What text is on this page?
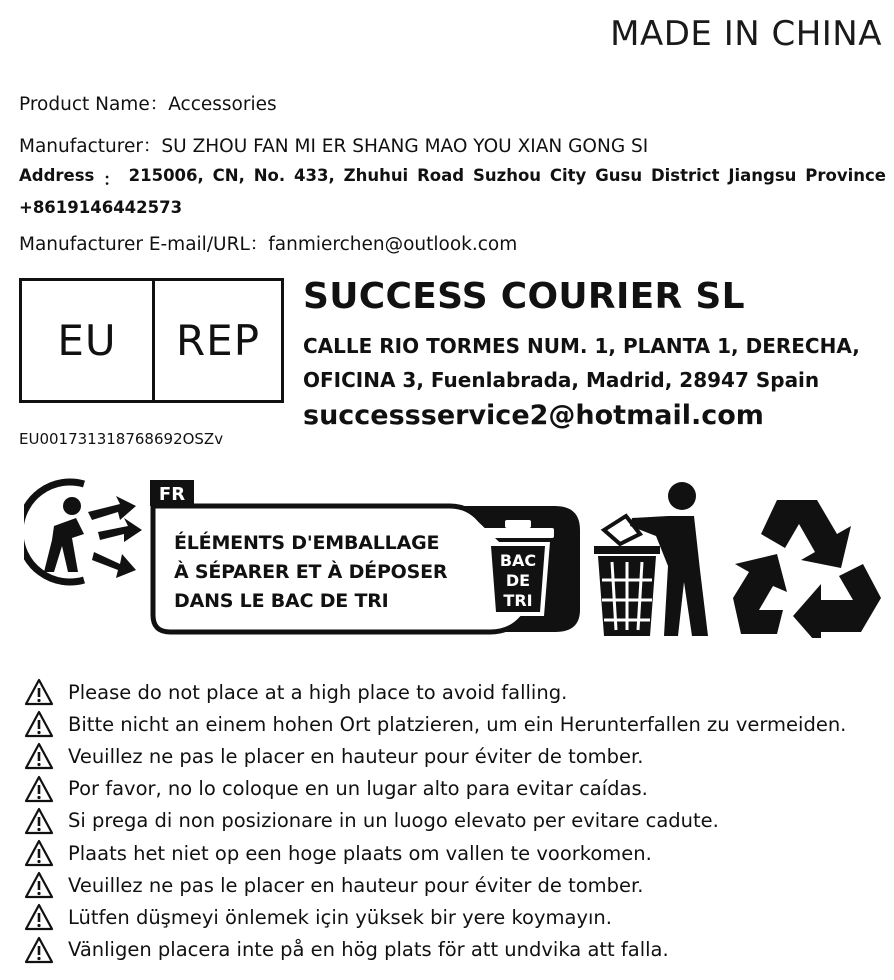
MADE IN CHINA
Product Name：Accessories
Manufacturer：SU ZHOU FAN MI ER SHANG MAO YOU XIAN GONG SI
Address ： 215006, CN, No. 433, Zhuhui Road Suzhou City Gusu District Jiangsu Province
+8619146442573
Manufacturer E-mail/URL：fanmierchen@outlook.com
EU	REP
EU001731318768692OSZv
SUCCESS COURIER SL
CALLE RIO TORMES NUM. 1, PLANTA 1, DERECHA,
OFICINA 3, Fuenlabrada, Madrid, 28947 Spain
successservice2@hotmail.com
FR
BAC
DE
TRI
ÉLÉMENTS D'EMBALLAGE
À SÉPARER ET À DÉPOSER
DANS LE BAC DE TRI
Please do not place at a high place to avoid falling.
Bitte nicht an einem hohen Ort platzieren, um ein Herunterfallen zu vermeiden.
Veuillez ne pas le placer en hauteur pour éviter de tomber.
Por favor, no lo coloque en un lugar alto para evitar caídas.
Si prega di non posizionare in un luogo elevato per evitare cadute.
Plaats het niet op een hoge plaats om vallen te voorkomen.
Veuillez ne pas le placer en hauteur pour éviter de tomber.
Lütfen düşmeyi önlemek için yüksek bir yere koymayın.
Vänligen placera inte på en hög plats för att undvika att falla.
